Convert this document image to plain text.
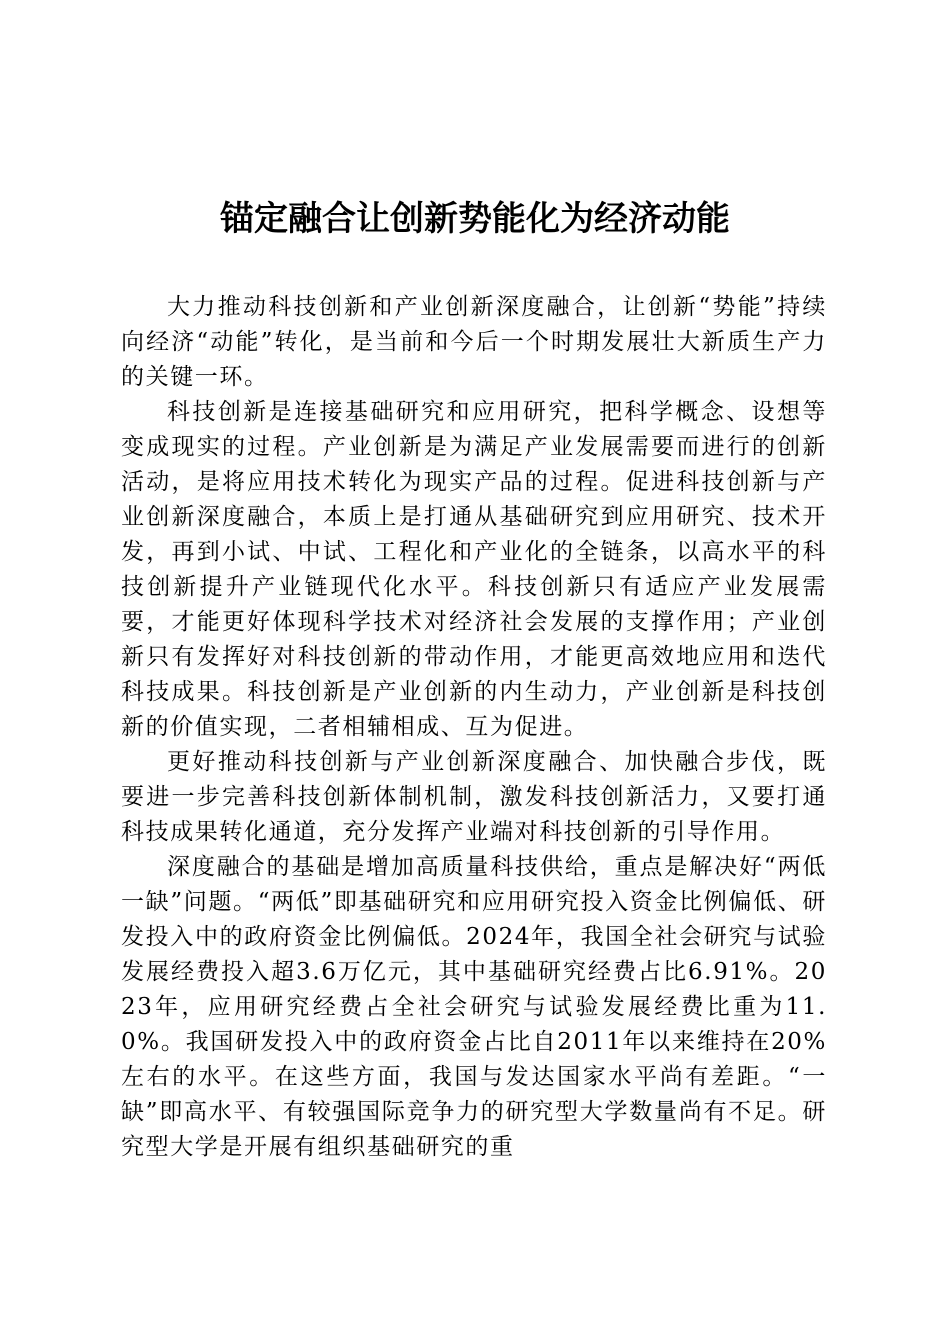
锚定融合让创新势能化为经济动能

大力推动科技创新和产业创新深度融合，让创新“势能”持续向经济“动能”转化，是当前和今后一个时期发展壮大新质生产力的关键一环。

科技创新是连接基础研究和应用研究，把科学概念、设想等变成现实的过程。产业创新是为满足产业发展需要而进行的创新活动，是将应用技术转化为现实产品的过程。促进科技创新与产业创新深度融合，本质上是打通从基础研究到应用研究、技术开发，再到小试、中试、工程化和产业化的全链条，以高水平的科技创新提升产业链现代化水平。科技创新只有适应产业发展需要，才能更好体现科学技术对经济社会发展的支撑作用；产业创新只有发挥好对科技创新的带动作用，才能更高效地应用和迭代科技成果。科技创新是产业创新的内生动力，产业创新是科技创新的价值实现，二者相辅相成、互为促进。

更好推动科技创新与产业创新深度融合、加快融合步伐，既要进一步完善科技创新体制机制，激发科技创新活力，又要打通科技成果转化通道，充分发挥产业端对科技创新的引导作用。

深度融合的基础是增加高质量科技供给，重点是解决好“两低一缺”问题。“两低”即基础研究和应用研究投入资金比例偏低、研发投入中的政府资金比例偏低。2024年，我国全社会研究与试验发展经费投入超3.6万亿元，其中基础研究经费占比6.91%。2023年，应用研究经费占全社会研究与试验发展经费比重为11.0%。我国研发投入中的政府资金占比自2011年以来维持在20%左右的水平。在这些方面，我国与发达国家水平尚有差距。“一缺”即高水平、有较强国际竞争力的研究型大学数量尚有不足。研究型大学是开展有组织基础研究的重
